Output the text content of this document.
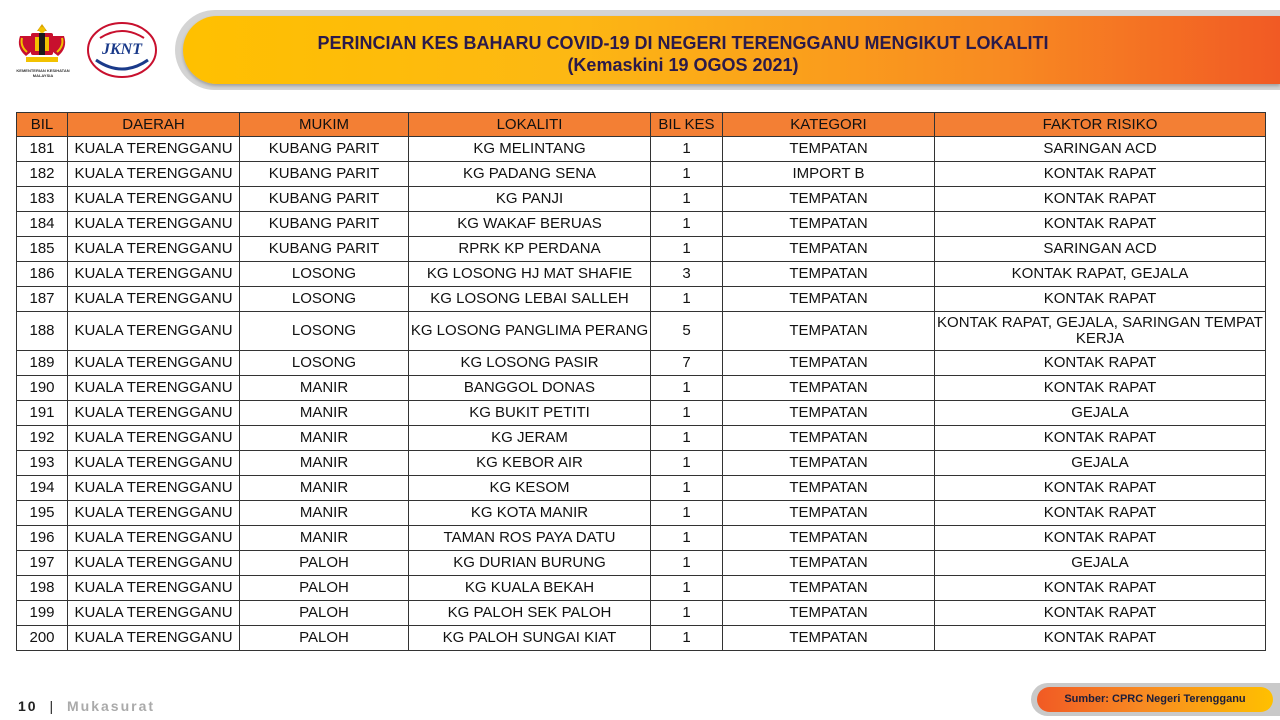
KEMENTERIAN KESIHATAN MALAYSIA
JKNT	PERINCIAN KES BAHARU COVID-19 DI NEGERI TERENGGANU MENGIKUT LOKALITI
(Kemaskini 19 OGOS 2021)
BIL	DAERAH	MUKIM	LOKALITI	BIL KES	KATEGORI	FAKTOR RISIKO
181	KUALA TERENGGANU	KUBANG PARIT	KG MELINTANG	1	TEMPATAN	SARINGAN ACD
182	KUALA TERENGGANU	KUBANG PARIT	KG PADANG SENA	1	IMPORT B	KONTAK RAPAT
183	KUALA TERENGGANU	KUBANG PARIT	KG PANJI	1	TEMPATAN	KONTAK RAPAT
184	KUALA TERENGGANU	KUBANG PARIT	KG WAKAF BERUAS	1	TEMPATAN	KONTAK RAPAT
185	KUALA TERENGGANU	KUBANG PARIT	RPRK KP PERDANA	1	TEMPATAN	SARINGAN ACD
186	KUALA TERENGGANU	LOSONG	KG LOSONG HJ MAT SHAFIE	3	TEMPATAN	KONTAK RAPAT, GEJALA
187	KUALA TERENGGANU	LOSONG	KG LOSONG LEBAI SALLEH	1	TEMPATAN	KONTAK RAPAT
188	KUALA TERENGGANU	LOSONG	KG LOSONG PANGLIMA PERANG	5	TEMPATAN	KONTAK RAPAT, GEJALA, SARINGAN TEMPAT KERJA
189	KUALA TERENGGANU	LOSONG	KG LOSONG PASIR	7	TEMPATAN	KONTAK RAPAT
190	KUALA TERENGGANU	MANIR	BANGGOL DONAS	1	TEMPATAN	KONTAK RAPAT
191	KUALA TERENGGANU	MANIR	KG BUKIT PETITI	1	TEMPATAN	GEJALA
192	KUALA TERENGGANU	MANIR	KG JERAM	1	TEMPATAN	KONTAK RAPAT
193	KUALA TERENGGANU	MANIR	KG KEBOR AIR	1	TEMPATAN	GEJALA
194	KUALA TERENGGANU	MANIR	KG KESOM	1	TEMPATAN	KONTAK RAPAT
195	KUALA TERENGGANU	MANIR	KG KOTA MANIR	1	TEMPATAN	KONTAK RAPAT
196	KUALA TERENGGANU	MANIR	TAMAN ROS PAYA DATU	1	TEMPATAN	KONTAK RAPAT
197	KUALA TERENGGANU	PALOH	KG DURIAN BURUNG	1	TEMPATAN	GEJALA
198	KUALA TERENGGANU	PALOH	KG KUALA BEKAH	1	TEMPATAN	KONTAK RAPAT
199	KUALA TERENGGANU	PALOH	KG PALOH SEK PALOH	1	TEMPATAN	KONTAK RAPAT
200	KUALA TERENGGANU	PALOH	KG PALOH SUNGAI KIAT	1	TEMPATAN	KONTAK RAPAT
10 | Mukasurat	Sumber: CPRC Negeri Terengganu
